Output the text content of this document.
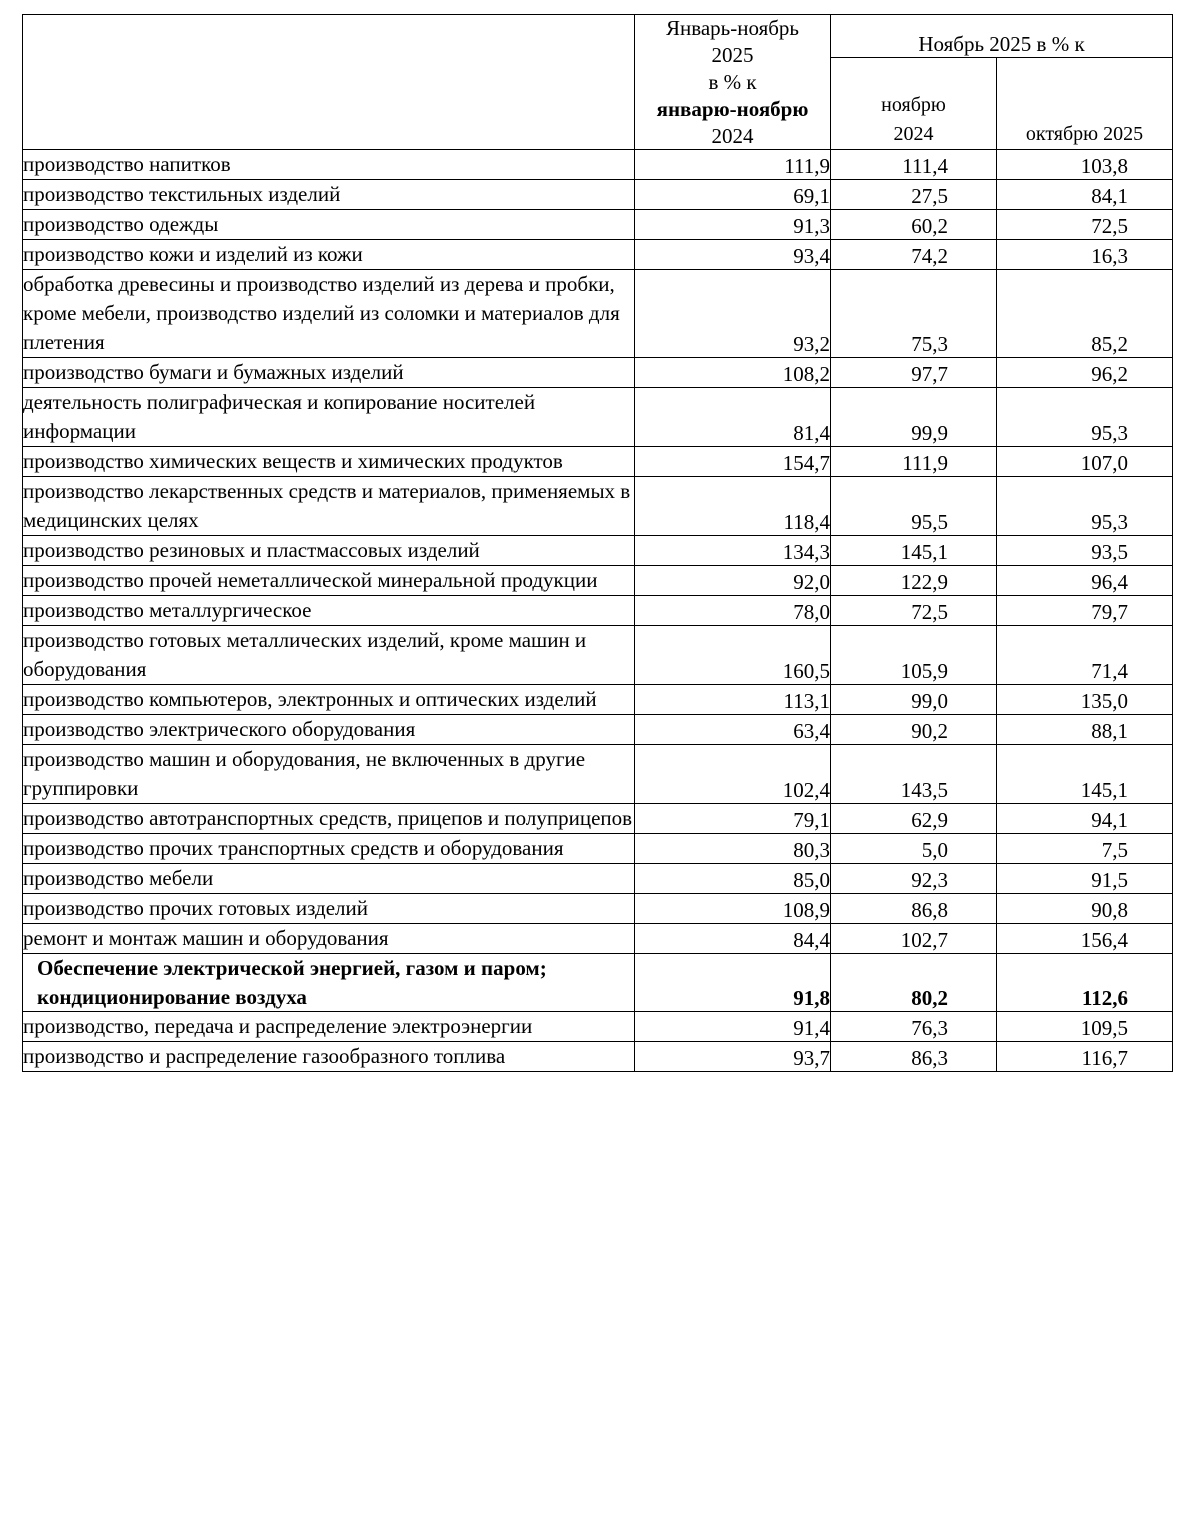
	Январь-ноябрь
2025
в % к
январю-ноябрю
2024	Ноябрь 2025 в % к	

		ноябрю
2024	октябрю 2025
производство напитков	111,9	111,4	103,8
производство текстильных изделий	69,1	27,5	84,1
производство одежды	91,3	60,2	72,5
производство кожи и изделий из кожи	93,4	74,2	16,3
обработка древесины и производство изделий из дерева и пробки, кроме мебели, производство изделий из соломки и материалов для плетения	93,2	75,3	85,2
производство бумаги и бумажных изделий	108,2	97,7	96,2
деятельность полиграфическая и копирование носителей информации	81,4	99,9	95,3
производство химических веществ и химических продуктов	154,7	111,9	107,0
производство лекарственных средств и материалов, применяемых в медицинских целях	118,4	95,5	95,3
производство резиновых и пластмассовых изделий	134,3	145,1	93,5
производство прочей неметаллической минеральной продукции	92,0	122,9	96,4
производство металлургическое	78,0	72,5	79,7
производство готовых металлических изделий, кроме машин и оборудования	160,5	105,9	71,4
производство компьютеров, электронных и оптических изделий	113,1	99,0	135,0
производство электрического оборудования	63,4	90,2	88,1
производство машин и оборудования, не включенных в другие группировки	102,4	143,5	145,1
производство автотранспортных средств, прицепов и полуприцепов	79,1	62,9	94,1
производство прочих транспортных средств и оборудования	80,3	5,0	7,5
производство мебели	85,0	92,3	91,5
производство прочих готовых изделий	108,9	86,8	90,8
ремонт и монтаж машин и оборудования	84,4	102,7	156,4
Обеспечение электрической энергией, газом и паром; кондиционирование воздуха	91,8	80,2	112,6
производство, передача и распределение электроэнергии	91,4	76,3	109,5
производство и распределение газообразного топлива	93,7	86,3	116,7
